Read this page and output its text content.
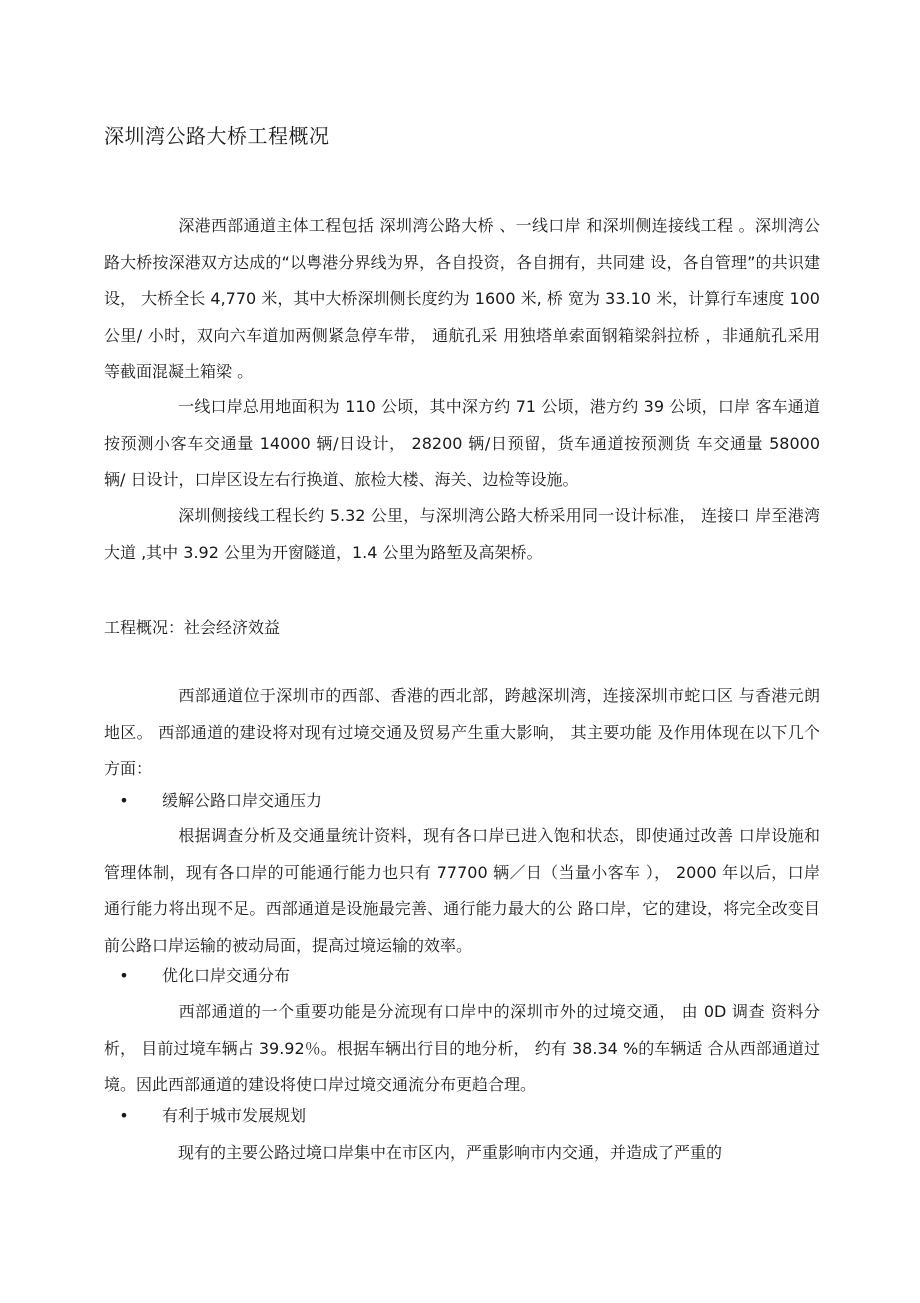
深圳湾公路大桥工程概况

深港西部通道主体工程包括 深圳湾公路大桥 、一线口岸 和深圳侧连接线工程 。深圳湾公路大桥按深港双方达成的“以粤港分界线为界，各自投资，各自拥有，共同建 设，各自管理”的共识建设， 大桥全长 4,770 米，其中大桥深圳侧长度约为 1600 米, 桥 宽为 33.10 米，计算行车速度 100 公里/ 小时，双向六车道加两侧紧急停车带， 通航孔采 用独塔单索面钢箱梁斜拉桥 ，非通航孔采用 等截面混凝土箱梁 。

一线口岸总用地面积为 110 公顷，其中深方约 71 公顷，港方约 39 公顷，口岸 客车通道按预测小客车交通量 14000 辆/日设计， 28200 辆/日预留，货车通道按预测货 车交通量 58000 辆/ 日设计，口岸区设左右行换道、旅检大楼、海关、边检等设施。

深圳侧接线工程长约 5.32 公里，与深圳湾公路大桥采用同一设计标准， 连接口 岸至港湾大道 ,其中 3.92 公里为开窗隧道，1.4 公里为路堑及高架桥。

工程概况：社会经济效益

西部通道位于深圳市的西部、香港的西北部，跨越深圳湾，连接深圳市蛇口区 与香港元朗地区。 西部通道的建设将对现有过境交通及贸易产生重大影响， 其主要功能 及作用体现在以下几个方面：

• 缓解公路口岸交通压力

根据调查分析及交通量统计资料，现有各口岸已进入饱和状态，即使通过改善 口岸设施和管理体制，现有各口岸的可能通行能力也只有 77700 辆／日（当量小客车 ）， 2000 年以后，口岸通行能力将出现不足。西部通道是设施最完善、通行能力最大的公 路口岸，它的建设，将完全改变目前公路口岸运输的被动局面，提高过境运输的效率。

• 优化口岸交通分布

西部通道的一个重要功能是分流现有口岸中的深圳市外的过境交通， 由 0D 调查 资料分析， 目前过境车辆占 39.92％。根据车辆出行目的地分析， 约有 38.34 %的车辆适 合从西部通道过境。因此西部通道的建设将使口岸过境交通流分布更趋合理。

• 有利于城市发展规划

现有的主要公路过境口岸集中在市区内，严重影响市内交通，并造成了严重的
